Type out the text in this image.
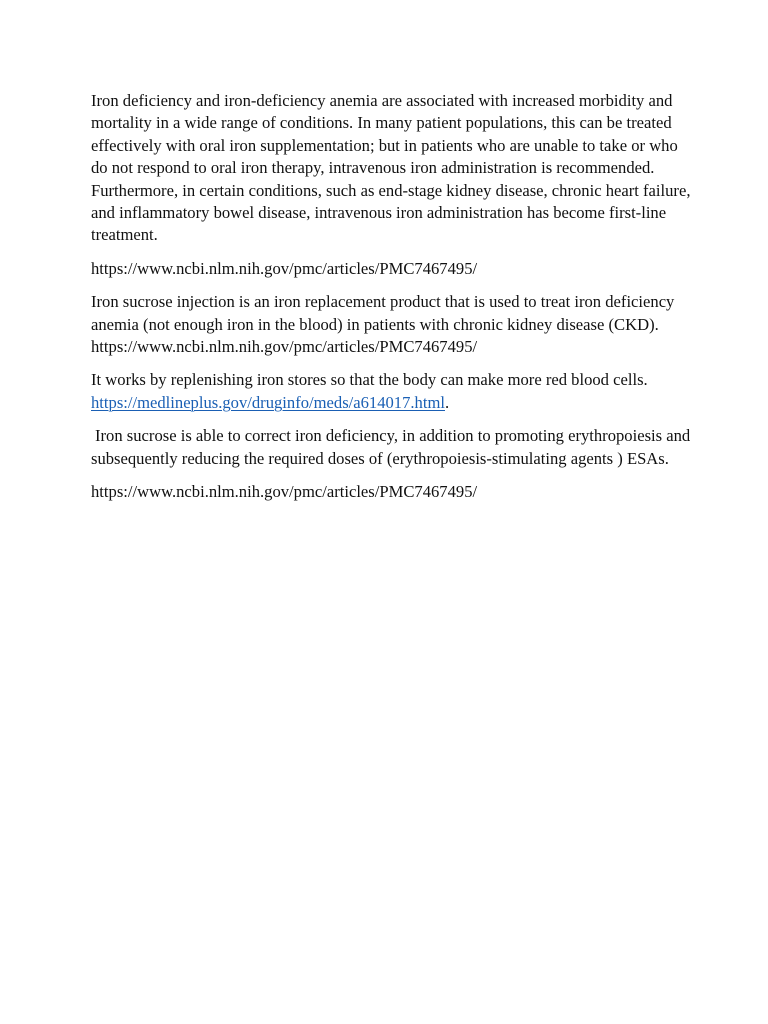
Iron deficiency and iron-deficiency anemia are associated with increased morbidity and mortality in a wide range of conditions. In many patient populations, this can be treated effectively with oral iron supplementation; but in patients who are unable to take or who do not respond to oral iron therapy, intravenous iron administration is recommended. Furthermore, in certain conditions, such as end-stage kidney disease, chronic heart failure, and inflammatory bowel disease, intravenous iron administration has become first-line treatment.

https://www.ncbi.nlm.nih.gov/pmc/articles/PMC7467495/

Iron sucrose injection is an iron replacement product that is used to treat iron deficiency anemia (not enough iron in the blood) in patients with chronic kidney disease (CKD). https://www.ncbi.nlm.nih.gov/pmc/articles/PMC7467495/

It works by replenishing iron stores so that the body can make more red blood cells. https://medlineplus.gov/druginfo/meds/a614017.html.

Iron sucrose is able to correct iron deficiency, in addition to promoting erythropoiesis and subsequently reducing the required doses of (erythropoiesis-stimulating agents ) ESAs.

https://www.ncbi.nlm.nih.gov/pmc/articles/PMC7467495/
